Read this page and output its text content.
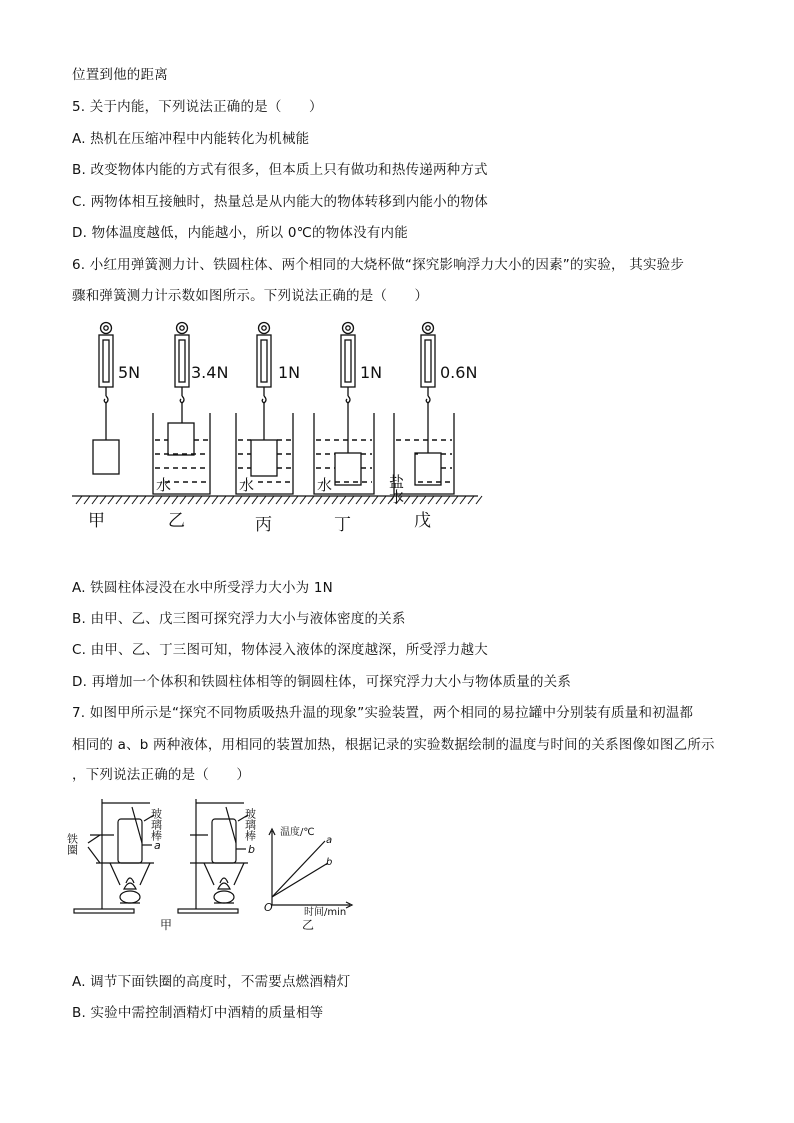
位置到他的距离
5. 关于内能，下列说法正确的是（　　）
A. 热机在压缩冲程中内能转化为机械能
B. 改变物体内能的方式有很多，但本质上只有做功和热传递两种方式
C. 两物体相互接触时，热量总是从内能大的物体转移到内能小的物体
D. 物体温度越低，内能越小，所以 0℃的物体没有内能
6. 小红用弹簧测力计、铁圆柱体、两个相同的大烧杯做“探究影响浮力大小的因素”的实验， 其实验步
骤和弹簧测力计示数如图所示。下列说法正确的是（　　）
5N	3.4N	1N	1N	0.6N
水	水	水	盐水
甲	乙	丙	丁	戊
A. 铁圆柱体浸没在水中所受浮力大小为 1N
B. 由甲、乙、戊三图可探究浮力大小与液体密度的关系
C. 由甲、乙、丁三图可知，物体浸入液体的深度越深，所受浮力越大
D. 再增加一个体积和铁圆柱体相等的铜圆柱体，可探究浮力大小与物体质量的关系
7. 如图甲所示是“探究不同物质吸热升温的现象”实验装置，两个相同的易拉罐中分别装有质量和初温都
相同的 a、b 两种液体，用相同的装置加热，根据记录的实验数据绘制的温度与时间的关系图像如图乙所示
，下列说法正确的是（　　）
玻璃棒	玻璃棒
铁圈	a	b
甲
温度/℃
时间/min
O
a
b
乙
A. 调节下面铁圈的高度时，不需要点燃酒精灯
B. 实验中需控制酒精灯中酒精的质量相等
